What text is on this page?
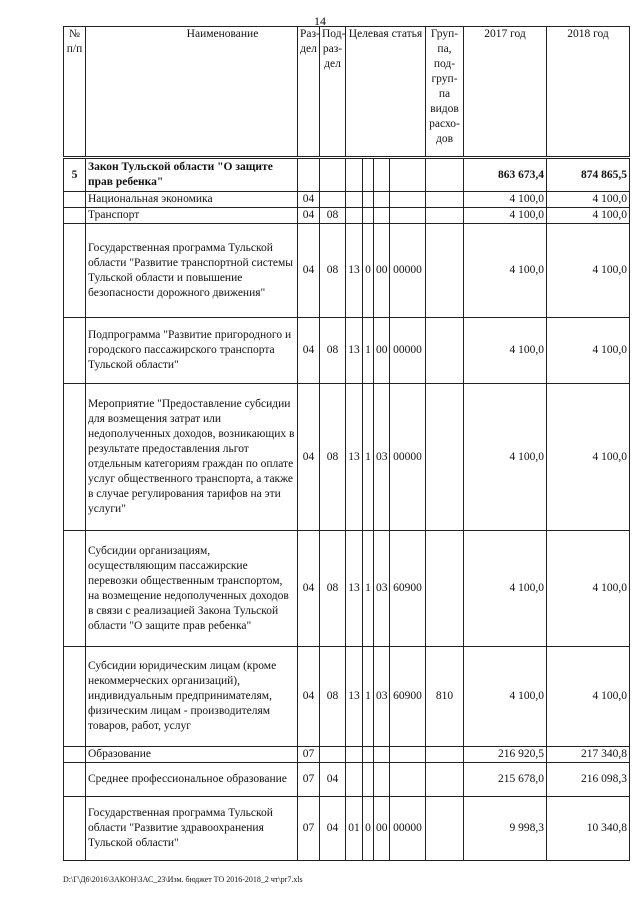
14
№ п/п	Наименование	Раз-дел	Под-раз-дел	Целевая статья				Груп-па, под-груп-па видов расхо-дов	2017 год	2018 год
5	Закон Тульской области "О защите прав ребенка"								863 673,4	874 865,5
	Национальная экономика	04							4 100,0	4 100,0
	Транспорт	04	08						4 100,0	4 100,0
	Государственная программа Тульской области "Развитие транспортной системы Тульской области и повышение безопасности дорожного движения"	04	08	13	0	00	00000		4 100,0	4 100,0
	Подпрограмма "Развитие пригородного и городского пассажирского транспорта Тульской области"	04	08	13	1	00	00000		4 100,0	4 100,0
	Мероприятие "Предоставление субсидии для возмещения затрат или недополученных доходов, возникающих в результате предоставления льгот отдельным категориям граждан по оплате услуг общественного транспорта, а также в случае регулирования тарифов на эти услуги"	04	08	13	1	03	00000		4 100,0	4 100,0
	Субсидии организациям, осуществляющим пассажирские перевозки общественным транспортом, на возмещение недополученных доходов в связи с реализацией Закона Тульской области "О защите прав ребенка"	04	08	13	1	03	60900		4 100,0	4 100,0
	Субсидии юридическим лицам (кроме некоммерческих организаций), индивидуальным предпринимателям, физическим лицам - производителям товаров, работ, услуг	04	08	13	1	03	60900	810	4 100,0	4 100,0
	Образование	07							216 920,5	217 340,8
	Среднее профессиональное образование	07	04						215 678,0	216 098,3
	Государственная программа Тульской области "Развитие здравоохранения Тульской области"	07	04	01	0	00	00000		9 998,3	10 340,8
D:\Г\Д6\2016\ЗАКОН\ЗАС_23\Изм. бюджет ТО 2016-2018_2 чт\pr7.xls
